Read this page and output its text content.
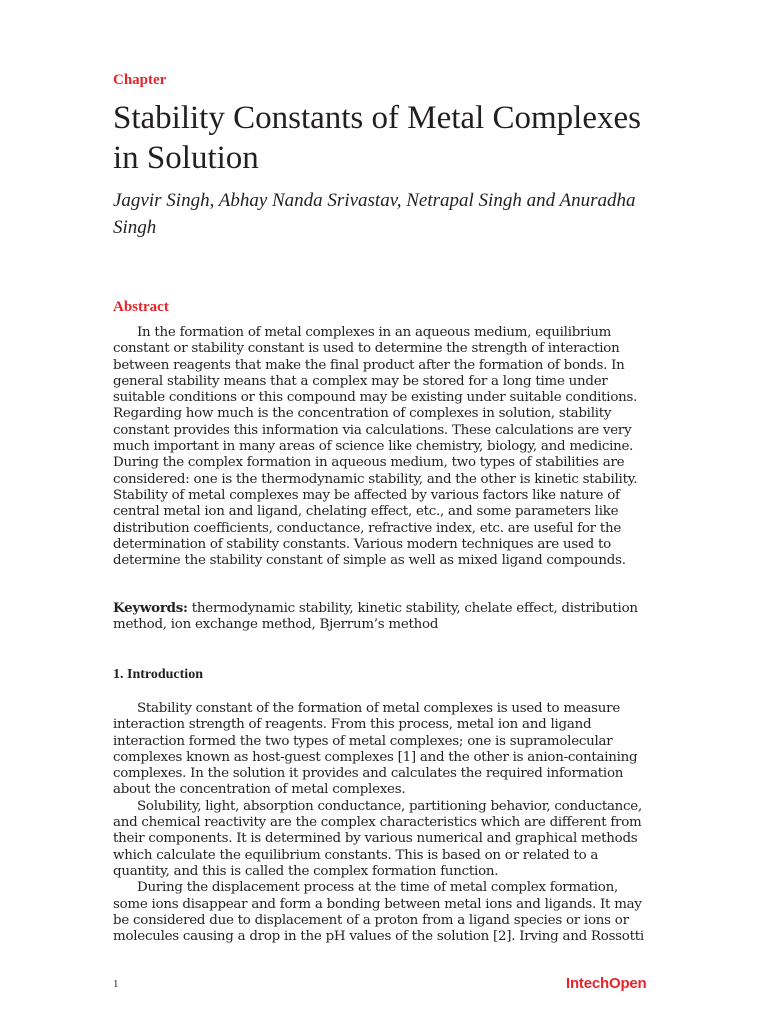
Chapter
Stability Constants of Metal Complexes in Solution
Jagvir Singh, Abhay Nanda Srivastav, Netrapal Singh and Anuradha Singh
Abstract

In the formation of metal complexes in an aqueous medium, equilibrium constant or stability constant is used to determine the strength of interaction between reagents that make the final product after the formation of bonds. In general stability means that a complex may be stored for a long time under suitable conditions or this compound may be existing under suitable conditions. Regarding how much is the concentration of complexes in solution, stability constant provides this information via calculations. These calculations are very much important in many areas of science like chemistry, biology, and medicine. During the complex formation in aqueous medium, two types of stabilities are considered: one is the thermodynamic stability, and the other is kinetic stability. Stability of metal complexes may be affected by various factors like nature of central metal ion and ligand, chelating effect, etc., and some parameters like distribution coefficients, conductance, refractive index, etc. are useful for the determination of stability constants. Various modern techniques are used to determine the stability constant of simple as well as mixed ligand compounds.

Keywords: thermodynamic stability, kinetic stability, chelate effect, distribution method, ion exchange method, Bjerrum’s method

1. Introduction

Stability constant of the formation of metal complexes is used to measure interaction strength of reagents. From this process, metal ion and ligand interaction formed the two types of metal complexes; one is supramolecular complexes known as host-guest complexes [1] and the other is anion-containing complexes. In the solution it provides and calculates the required information about the concentration of metal complexes.

Solubility, light, absorption conductance, partitioning behavior, conductance, and chemical reactivity are the complex characteristics which are different from their components. It is determined by various numerical and graphical methods which calculate the equilibrium constants. This is based on or related to a quantity, and this is called the complex formation function.

During the displacement process at the time of metal complex formation, some ions disappear and form a bonding between metal ions and ligands. It may be considered due to displacement of a proton from a ligand species or ions or molecules causing a drop in the pH values of the solution [2]. Irving and Rossotti

1	IntechOpen
